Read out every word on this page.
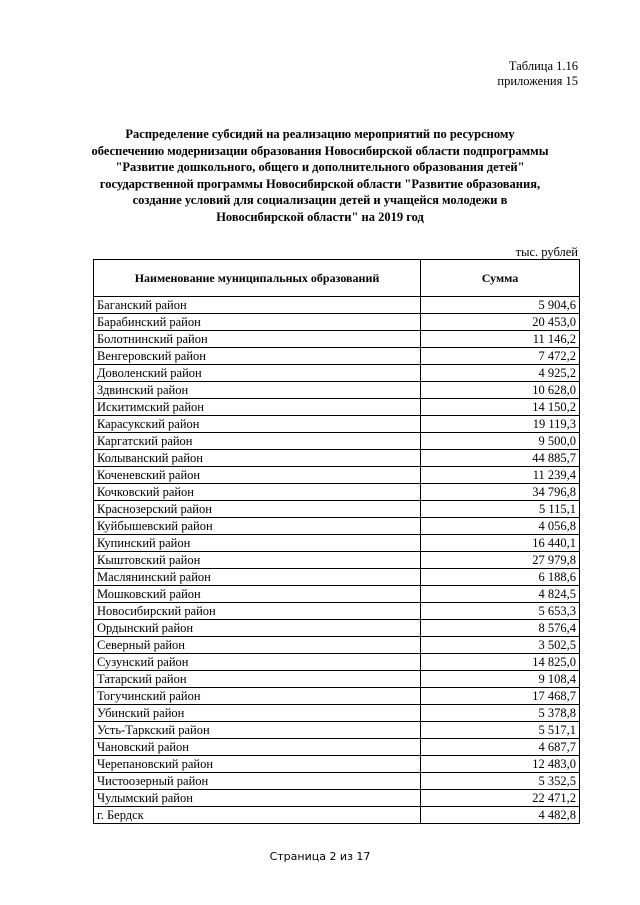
Таблица 1.16
приложения 15
Распределение субсидий на реализацию мероприятий по ресурсному
обеспечению модернизации образования Новосибирской области подпрограммы
"Развитие дошкольного, общего и дополнительного образования детей"
государственной программы Новосибирской области "Развитие образования,
создание условий для социализации детей и учащейся молодежи в
Новосибирской области" на 2019 год
тыс. рублей
Наименование муниципальных образований	Сумма
Баганский район	5 904,6
Барабинский район	20 453,0
Болотнинский район	11 146,2
Венгеровский район	7 472,2
Доволенский район	4 925,2
Здвинский район	10 628,0
Искитимский район	14 150,2
Карасукский район	19 119,3
Каргатский район	9 500,0
Колыванский район	44 885,7
Коченевский район	11 239,4
Кочковский район	34 796,8
Краснозерский район	5 115,1
Куйбышевский район	4 056,8
Купинский район	16 440,1
Кыштовский район	27 979,8
Маслянинский район	6 188,6
Мошковский район	4 824,5
Новосибирский район	5 653,3
Ордынский район	8 576,4
Северный район	3 502,5
Сузунский район	14 825,0
Татарский район	9 108,4
Тогучинский район	17 468,7
Убинский район	5 378,8
Усть-Таркский район	5 517,1
Чановский район	4 687,7
Черепановский район	12 483,0
Чистоозерный район	5 352,5
Чулымский район	22 471,2
г. Бердск	4 482,8
Страница 2 из 17
